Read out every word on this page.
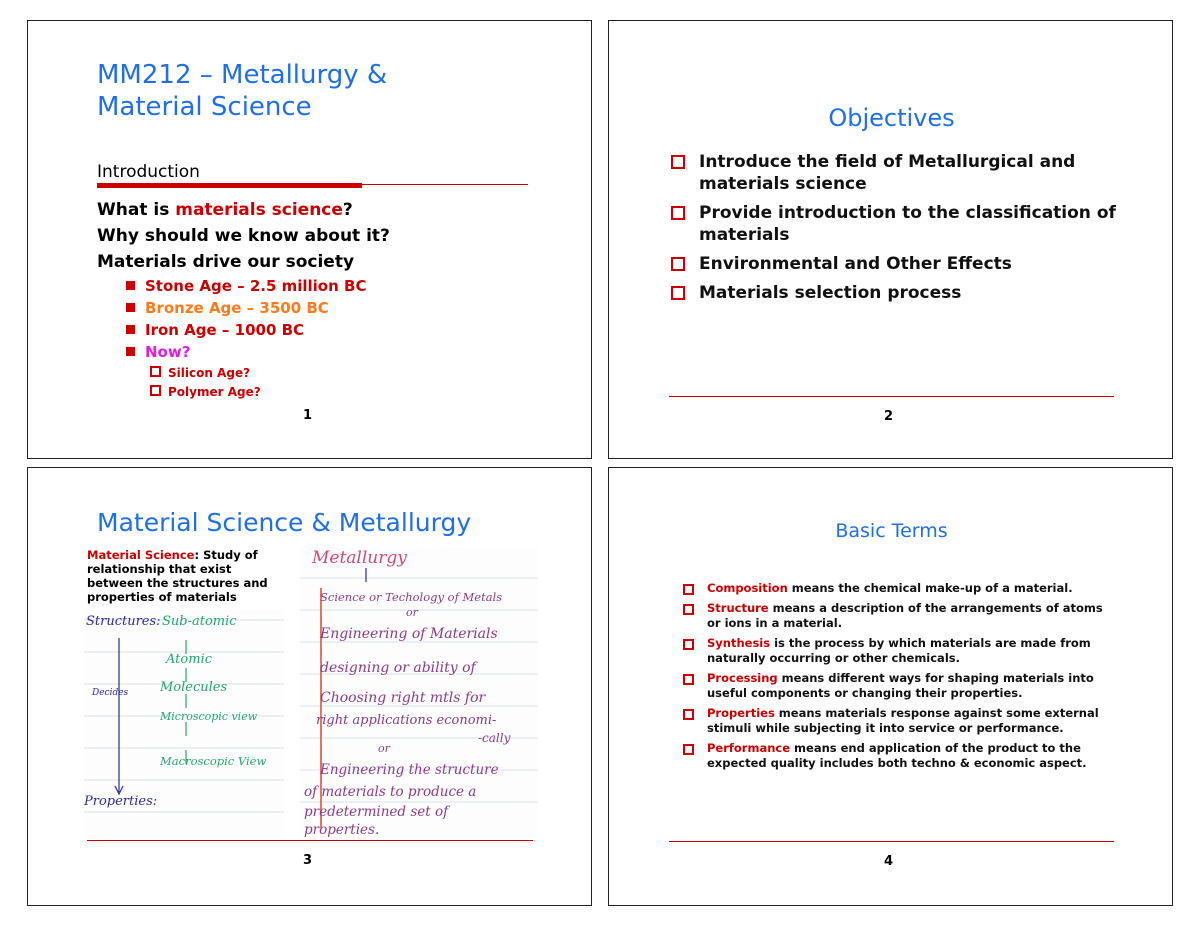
MM212 – Metallurgy &
Material Science
Introduction
What is materials science?
Why should we know about it?
Materials drive our society
Stone Age – 2.5 million BC
Bronze Age – 3500 BC
Iron Age – 1000 BC
Now?
Silicon Age?
Polymer Age?
1
Objectives
Introduce the field of Metallurgical and materials science
Provide introduction to the classification of materials
Environmental and Other Effects
Materials selection process
2
Material Science & Metallurgy
Material Science: Study of relationship that exist between the structures and properties of materials
Structures: Sub-atomic
Atomic
Molecules
Decides
Microscopic view
Macroscopic View
Properties:
Metallurgy
Science or Techology of Metals
or
Engineering of Materials
designing or ability of
Choosing right mtls for
right applications economi-
-cally
or
Engineering the structure
of materials to produce a
predetermined set of
properties.
3
Basic Terms
Composition means the chemical make-up of a material.
Structure means a description of the arrangements of atoms or ions in a material.
Synthesis is the process by which materials are made from naturally occurring or other chemicals.
Processing means different ways for shaping materials into useful components or changing their properties.
Properties means materials response against some external stimuli while subjecting it into service or performance.
Performance means end application of the product to the expected quality includes both techno & economic aspect.
4
